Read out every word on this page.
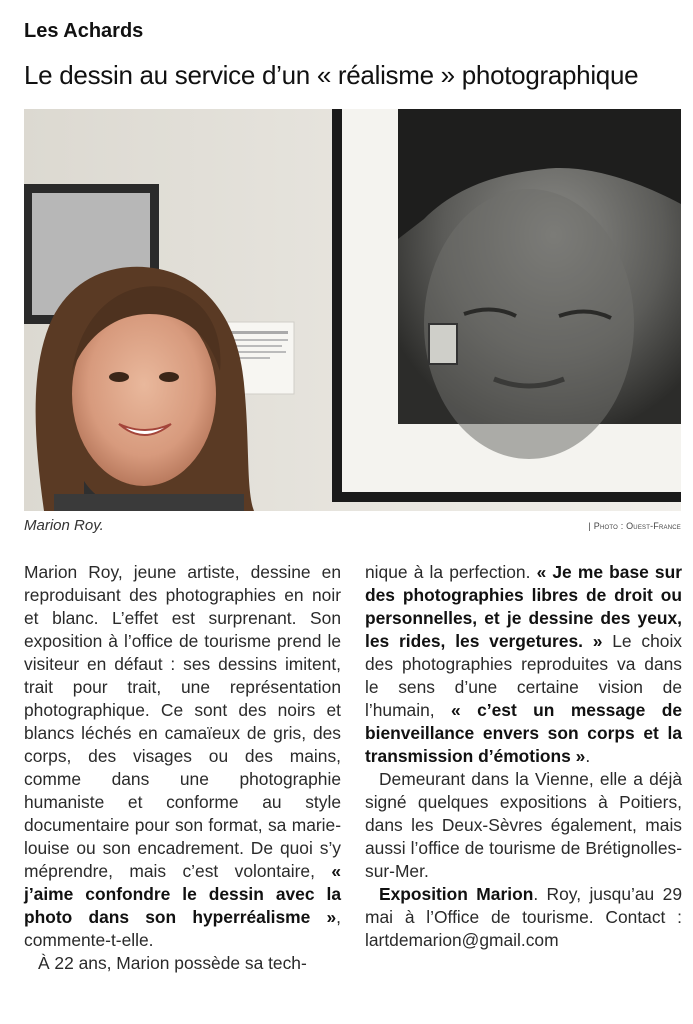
Les Achards
Le dessin au service d’un « réalisme » photographique
Marion Roy.	| Photo : Ouest-France

Marion Roy, jeune artiste, dessine en reproduisant des photographies en noir et blanc. L’effet est surprenant. Son exposition à l’office de tourisme prend le visiteur en défaut : ses dessins imitent, trait pour trait, une représentation photographique. Ce sont des noirs et blancs léchés en camaïeux de gris, des corps, des visages ou des mains, comme dans une photographie humaniste et conforme au style documentaire pour son format, sa marie-louise ou son encadrement. De quoi s’y méprendre, mais c’est volontaire, « j’aime confondre le dessin avec la photo dans son hyperréalisme », commente-t-elle.

À 22 ans, Marion possède sa tech-

nique à la perfection. « Je me base sur des photographies libres de droit ou personnelles, et je dessine des yeux, les rides, les vergetures. » Le choix des photographies reproduites va dans le sens d’une certaine vision de l’humain, « c’est un message de bienveillance envers son corps et la transmission d’émotions ».

Demeurant dans la Vienne, elle a déjà signé quelques expositions à Poitiers, dans les Deux-Sèvres également, mais aussi l’office de tourisme de Brétignolles-sur-Mer.

Exposition Marion. Roy, jusqu’au 29 mai à l’Office de tourisme. Contact : lartdemarion@gmail.com
